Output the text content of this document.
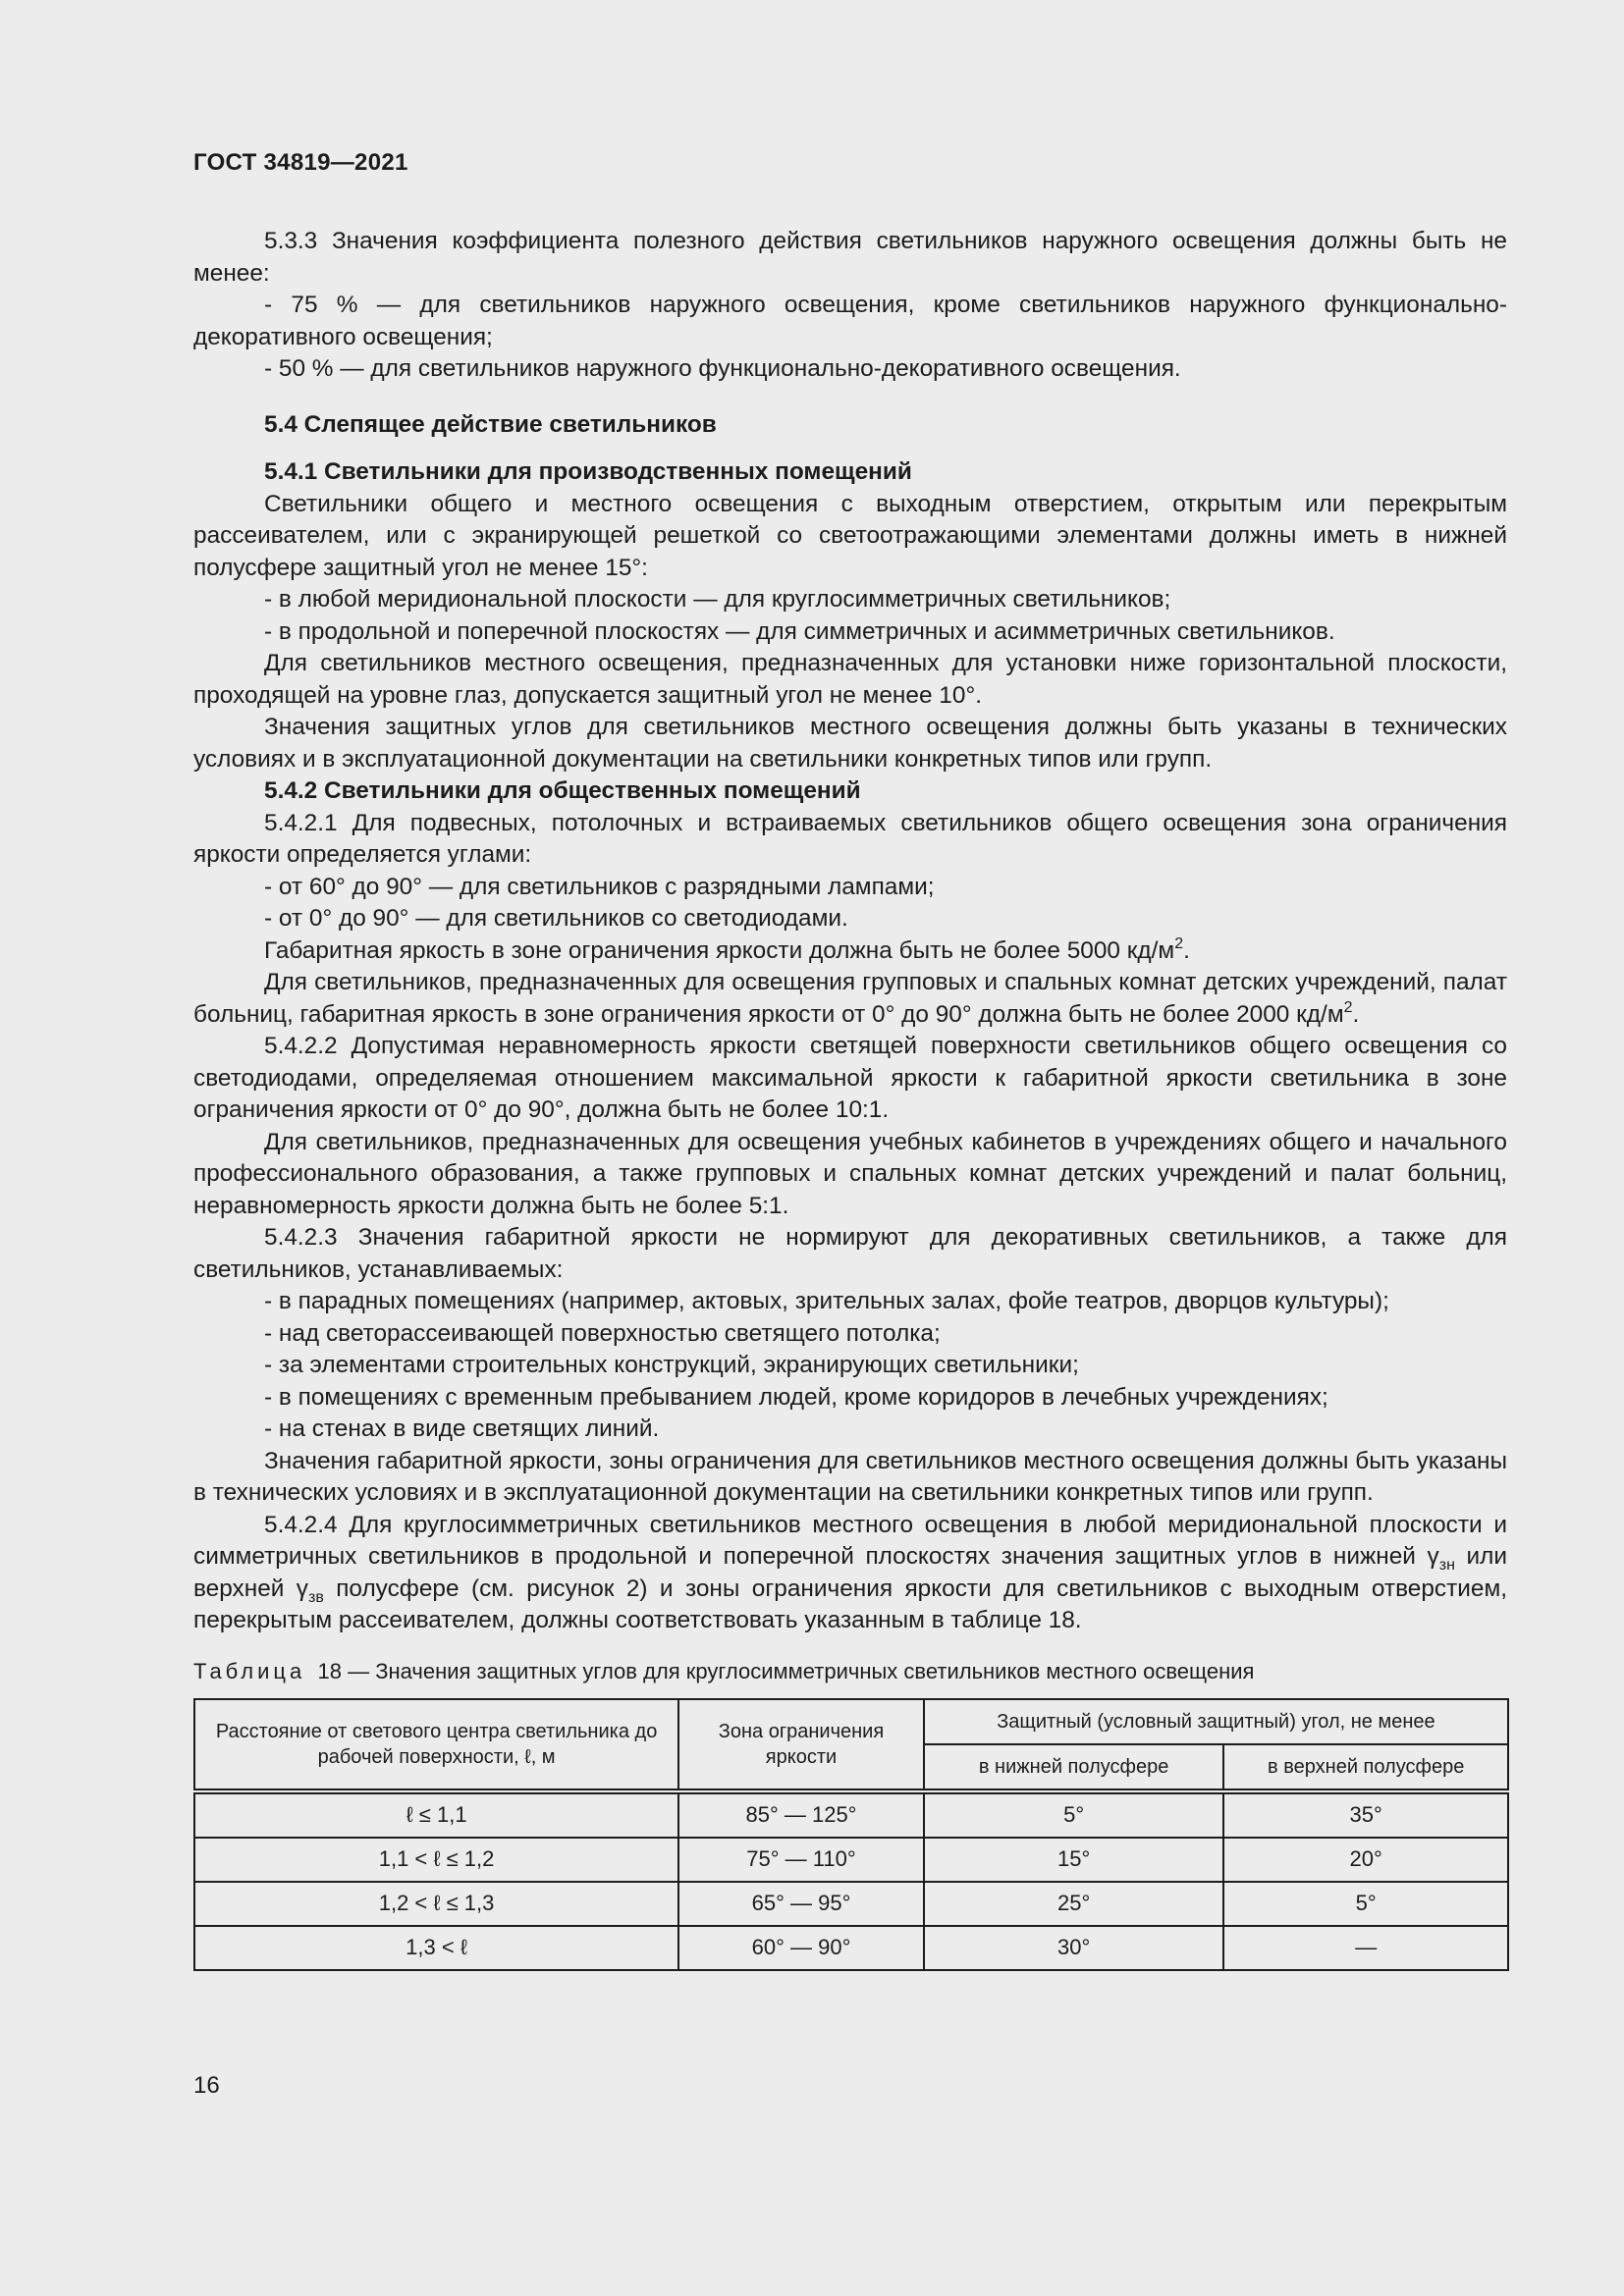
ГОСТ 34819—2021

5.3.3 Значения коэффициента полезного действия светильников наружного освещения должны быть не менее:

- 75 % — для светильников наружного освещения, кроме светильников наружного функционально-декоративного освещения;

- 50 % — для светильников наружного функционально-декоративного освещения.

5.4 Слепящее действие светильников

5.4.1 Светильники для производственных помещений

Светильники общего и местного освещения с выходным отверстием, открытым или перекрытым рассеивателем, или с экранирующей решеткой со светоотражающими элементами должны иметь в нижней полусфере защитный угол не менее 15°:

- в любой меридиональной плоскости — для круглосимметричных светильников;

- в продольной и поперечной плоскостях — для симметричных и асимметричных светильников.

Для светильников местного освещения, предназначенных для установки ниже горизонтальной плоскости, проходящей на уровне глаз, допускается защитный угол не менее 10°.

Значения защитных углов для светильников местного освещения должны быть указаны в технических условиях и в эксплуатационной документации на светильники конкретных типов или групп.

5.4.2 Светильники для общественных помещений

5.4.2.1 Для подвесных, потолочных и встраиваемых светильников общего освещения зона ограничения яркости определяется углами:

- от 60° до 90° — для светильников с разрядными лампами;

- от 0° до 90° — для светильников со светодиодами.

Габаритная яркость в зоне ограничения яркости должна быть не более 5000 $кд/м^2$.

Для светильников, предназначенных для освещения групповых и спальных комнат детских учреждений, палат больниц, габаритная яркость в зоне ограничения яркости от 0° до 90° должна быть не более 2000 $кд/м^2$.

5.4.2.2 Допустимая неравномерность яркости светящей поверхности светильников общего освещения со светодиодами, определяемая отношением максимальной яркости к габаритной яркости светильника в зоне ограничения яркости от 0° до 90°, должна быть не более 10:1.

Для светильников, предназначенных для освещения учебных кабинетов в учреждениях общего и начального профессионального образования, а также групповых и спальных комнат детских учреждений и палат больниц, неравномерность яркости должна быть не более 5:1.

5.4.2.3 Значения габаритной яркости не нормируют для декоративных светильников, а также для светильников, устанавливаемых:

- в парадных помещениях (например, актовых, зрительных залах, фойе театров, дворцов культуры);

- над светорассеивающей поверхностью светящего потолка;

- за элементами строительных конструкций, экранирующих светильники;

- в помещениях с временным пребыванием людей, кроме коридоров в лечебных учреждениях;

- на стенах в виде светящих линий.

Значения габаритной яркости, зоны ограничения для светильников местного освещения должны быть указаны в технических условиях и в эксплуатационной документации на светильники конкретных типов или групп.

5.4.2.4 Для круглосимметричных светильников местного освещения в любой меридиональной плоскости и симметричных светильников в продольной и поперечной плоскостях значения защитных углов в нижней $\gamma_{зн}$ или верхней $\gamma_{зв}$ полусфере (см. рисунок 2) и зоны ограничения яркости для светильников с выходным отверстием, перекрытым рассеивателем, должны соответствовать указанным в таблице 18.

Таблица 18 — Значения защитных углов для круглосимметричных светильников местного освещения
Расстояние от светового центра светильника до рабочей поверхности, ℓ, м	Зона ограничения яркости	Защитный (условный защитный) угол, не менее	
		в нижней полусфере	в верхней полусфере
ℓ ≤ 1,1	85° — 125°	5°	35°
1,1 < ℓ ≤ 1,2	75° — 110°	15°	20°
1,2 < ℓ ≤ 1,3	65° — 95°	25°	5°
1,3 < ℓ	60° — 90°	30°	—
16
